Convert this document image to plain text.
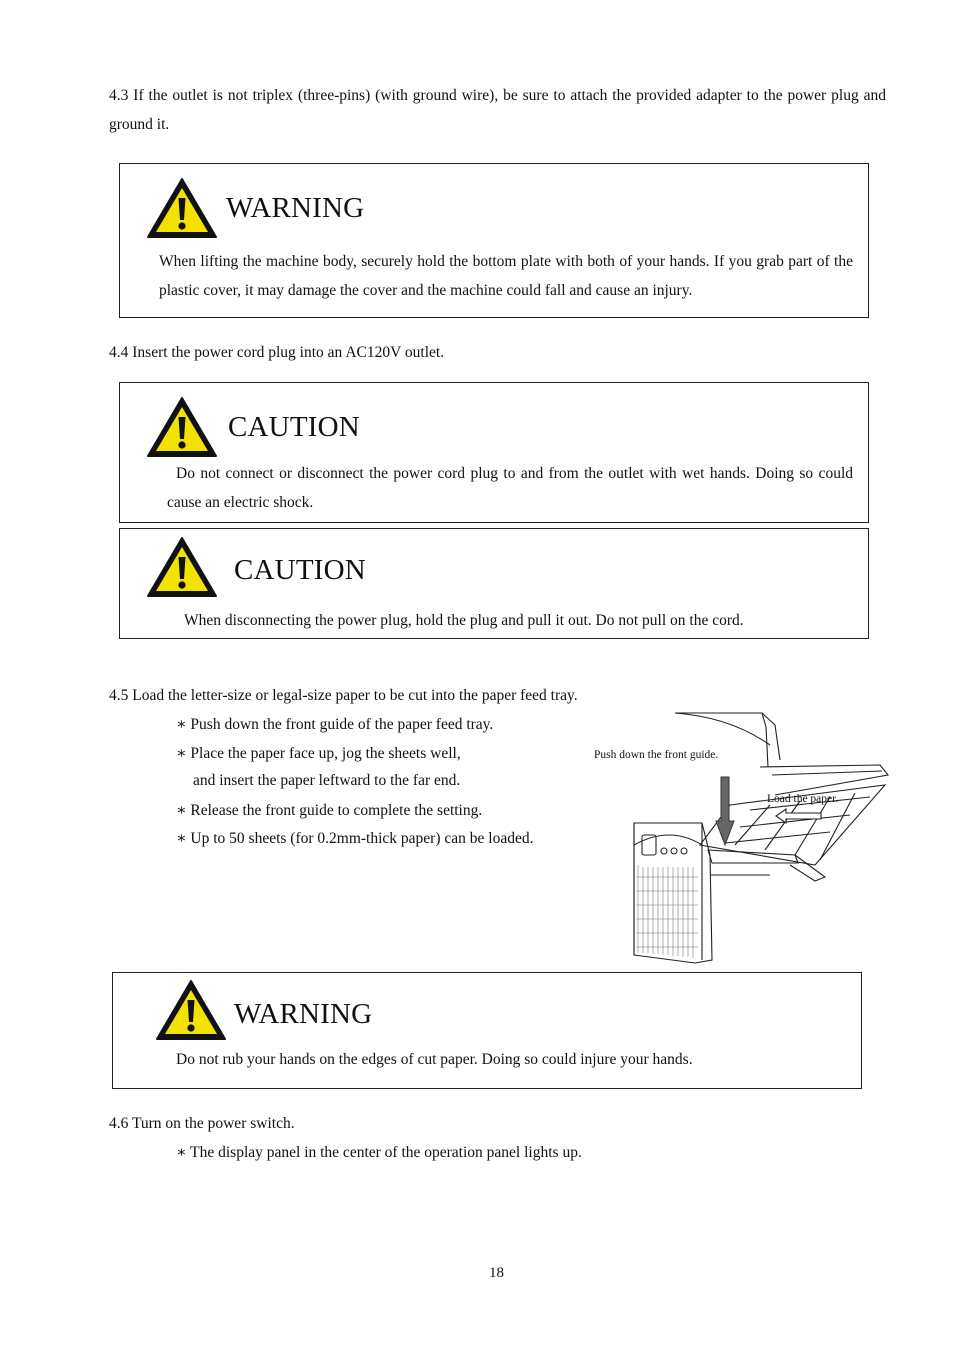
4.3 If the outlet is not triplex (three-pins) (with ground wire), be sure to attach the provided adapter to the power plug and ground it.
WARNING
When lifting the machine body, securely hold the bottom plate with both of your hands. If you grab part of the plastic cover, it may damage the cover and the machine could fall and cause an injury.
4.4 Insert the power cord plug into an AC120V outlet.
CAUTION
Do not connect or disconnect the power cord plug to and from the outlet with wet hands. Doing so could cause an electric shock.
CAUTION
When disconnecting the power plug, hold the plug and pull it out. Do not pull on the cord.
4.5 Load the letter-size or legal-size paper to be cut into the paper feed tray.
∗ Push down the front guide of the paper feed tray.
∗ Place the paper face up, jog the sheets well,
and insert the paper leftward to the far end.
∗ Release the front guide to complete the setting.
∗ Up to 50 sheets (for 0.2mm-thick paper) can be loaded.
Push down the front guide.
Load the paper.
WARNING
Do not rub your hands on the edges of cut paper. Doing so could injure your hands.
4.6 Turn on the power switch.
∗ The display panel in the center of the operation panel lights up.
18
